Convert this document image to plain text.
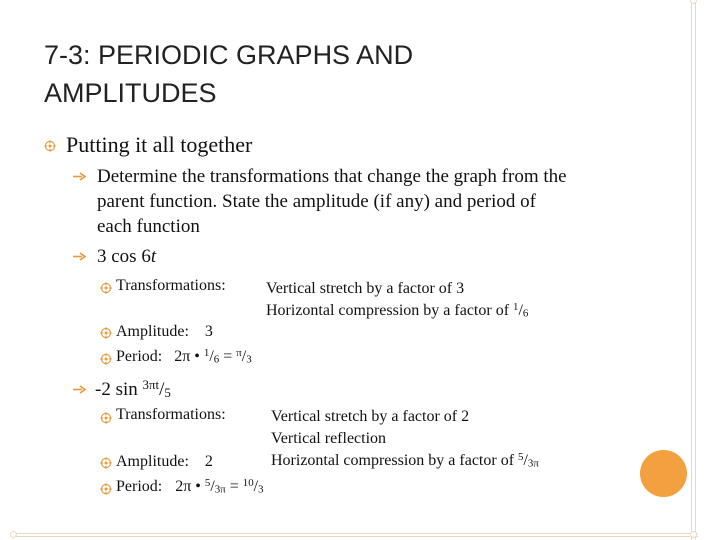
7-3: PERIODIC GRAPHS AND
AMPLITUDES
Putting it all together
Determine the transformations that change the graph from the
parent function. State the amplitude (if any) and period of
each function
3 cos 6t
Transformations:	Vertical stretch by a factor of 3
Horizontal compression by a factor of $^1/_6$
Amplitude: 3
Period: 2π • $^1/_6 = ^\pi/_3$
-2 $\sin ^{3\pi t}/_5$
Transformations:	Vertical stretch by a factor of 2
Vertical reflection
Horizontal compression by a factor of $^5/_{3\pi}$
Amplitude: 2
Period: 2π • $^5/_{3\pi} = ^{10}/_3$
